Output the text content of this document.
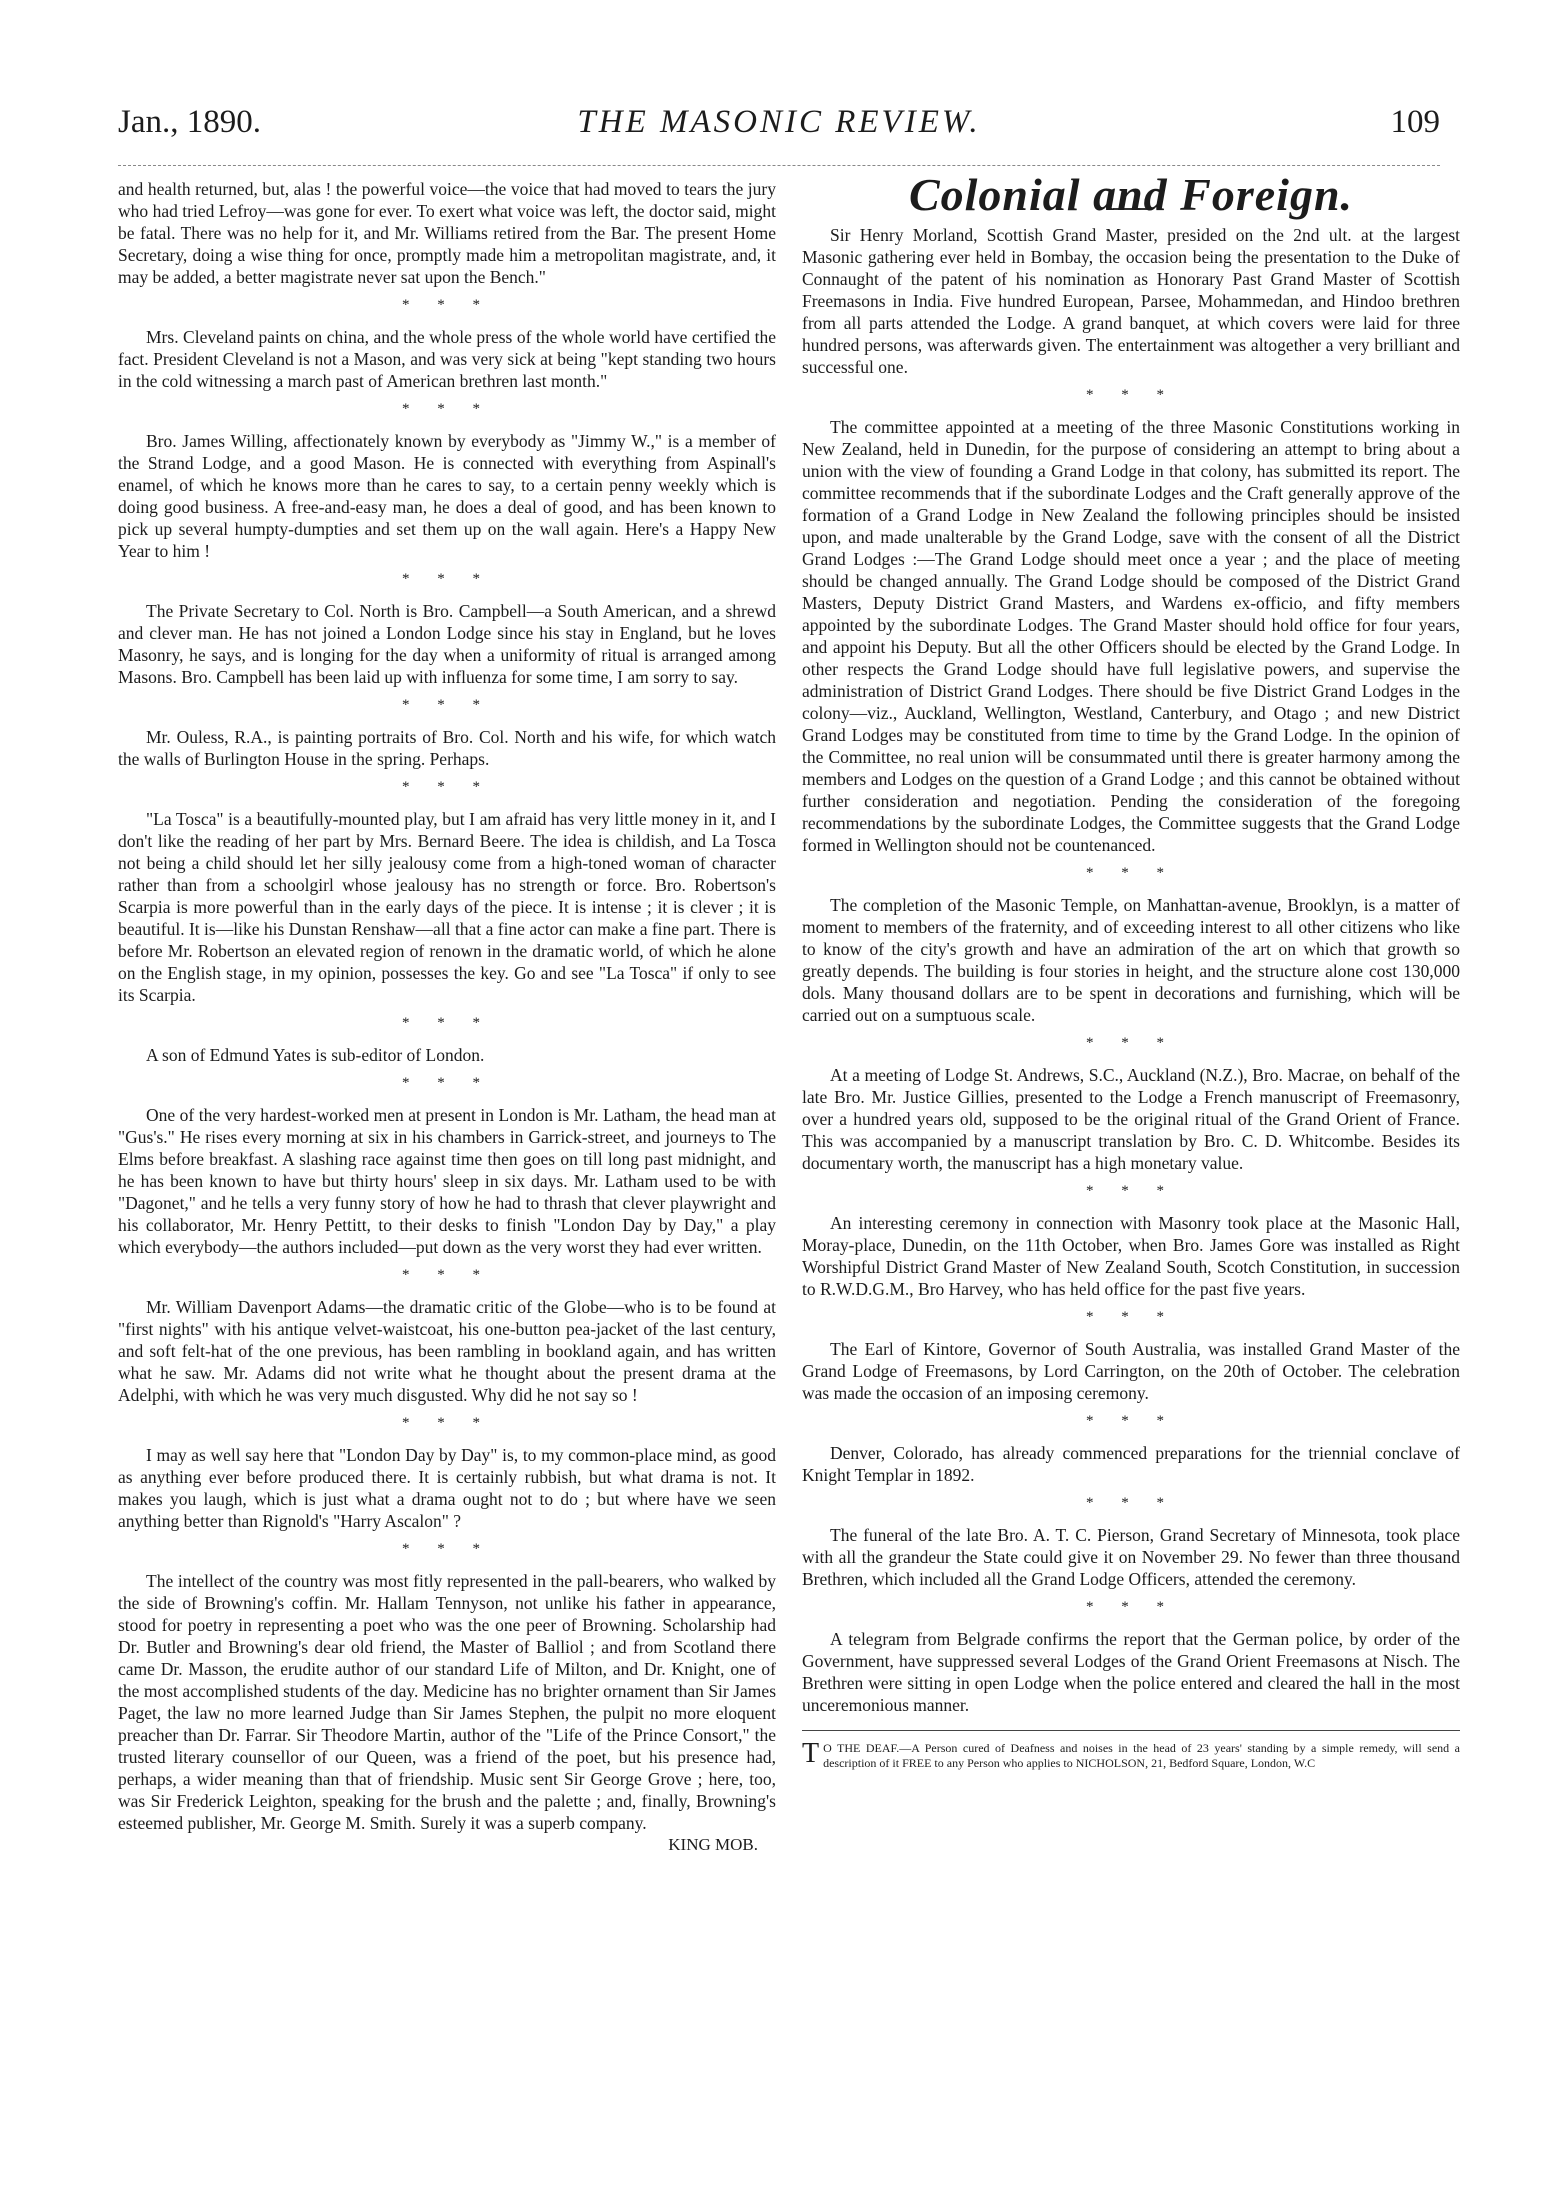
Jan., 1890.	THE MASONIC REVIEW.	109

and health returned, but, alas ! the powerful voice—the voice that had moved to tears the jury who had tried Lefroy—was gone for ever. To exert what voice was left, the doctor said, might be fatal. There was no help for it, and Mr. Williams retired from the Bar. The present Home Secretary, doing a wise thing for once, promptly made him a metropolitan magistrate, and, it may be added, a better magistrate never sat upon the Bench."

* * *

Mrs. Cleveland paints on china, and the whole press of the whole world have certified the fact. President Cleveland is not a Mason, and was very sick at being "kept standing two hours in the cold witnessing a march past of American brethren last month."

* * *

Bro. James Willing, affectionately known by everybody as "Jimmy W.," is a member of the Strand Lodge, and a good Mason. He is connected with everything from Aspinall's enamel, of which he knows more than he cares to say, to a certain penny weekly which is doing good business. A free-and-easy man, he does a deal of good, and has been known to pick up several humpty-dumpties and set them up on the wall again. Here's a Happy New Year to him !

* * *

The Private Secretary to Col. North is Bro. Campbell—a South American, and a shrewd and clever man. He has not joined a London Lodge since his stay in England, but he loves Masonry, he says, and is longing for the day when a uniformity of ritual is arranged among Masons. Bro. Campbell has been laid up with influenza for some time, I am sorry to say.

* * *

Mr. Ouless, R.A., is painting portraits of Bro. Col. North and his wife, for which watch the walls of Burlington House in the spring. Perhaps.

* * *

"La Tosca" is a beautifully-mounted play, but I am afraid has very little money in it, and I don't like the reading of her part by Mrs. Bernard Beere. The idea is childish, and La Tosca not being a child should let her silly jealousy come from a high-toned woman of character rather than from a schoolgirl whose jealousy has no strength or force. Bro. Robertson's Scarpia is more powerful than in the early days of the piece. It is intense ; it is clever ; it is beautiful. It is—like his Dunstan Renshaw—all that a fine actor can make a fine part. There is before Mr. Robertson an elevated region of renown in the dramatic world, of which he alone on the English stage, in my opinion, possesses the key. Go and see "La Tosca" if only to see its Scarpia.

* * *

A son of Edmund Yates is sub-editor of London.

* * *

One of the very hardest-worked men at present in London is Mr. Latham, the head man at "Gus's." He rises every morning at six in his chambers in Garrick-street, and journeys to The Elms before breakfast. A slashing race against time then goes on till long past midnight, and he has been known to have but thirty hours' sleep in six days. Mr. Latham used to be with "Dagonet," and he tells a very funny story of how he had to thrash that clever playwright and his collaborator, Mr. Henry Pettitt, to their desks to finish "London Day by Day," a play which everybody—the authors included—put down as the very worst they had ever written.

* * *

Mr. William Davenport Adams—the dramatic critic of the Globe—who is to be found at "first nights" with his antique velvet-waistcoat, his one-button pea-jacket of the last century, and soft felt-hat of the one previous, has been rambling in bookland again, and has written what he saw. Mr. Adams did not write what he thought about the present drama at the Adelphi, with which he was very much disgusted. Why did he not say so !

* * *

I may as well say here that "London Day by Day" is, to my common-place mind, as good as anything ever before produced there. It is certainly rubbish, but what drama is not. It makes you laugh, which is just what a drama ought not to do ; but where have we seen anything better than Rignold's "Harry Ascalon" ?

* * *

The intellect of the country was most fitly represented in the pall-bearers, who walked by the side of Browning's coffin. Mr. Hallam Tennyson, not unlike his father in appearance, stood for poetry in representing a poet who was the one peer of Browning. Scholarship had Dr. Butler and Browning's dear old friend, the Master of Balliol ; and from Scotland there came Dr. Masson, the erudite author of our standard Life of Milton, and Dr. Knight, one of the most accomplished students of the day. Medicine has no brighter ornament than Sir James Paget, the law no more learned Judge than Sir James Stephen, the pulpit no more eloquent preacher than Dr. Farrar. Sir Theodore Martin, author of the "Life of the Prince Consort," the trusted literary counsellor of our Queen, was a friend of the poet, but his presence had, perhaps, a wider meaning than that of friendship. Music sent Sir George Grove ; here, too, was Sir Frederick Leighton, speaking for the brush and the palette ; and, finally, Browning's esteemed publisher, Mr. George M. Smith. Surely it was a superb company.

KING MOB.
Colonial and Foreign.

Sir Henry Morland, Scottish Grand Master, presided on the 2nd ult. at the largest Masonic gathering ever held in Bombay, the occasion being the presentation to the Duke of Connaught of the patent of his nomination as Honorary Past Grand Master of Scottish Freemasons in India. Five hundred European, Parsee, Mohammedan, and Hindoo brethren from all parts attended the Lodge. A grand banquet, at which covers were laid for three hundred persons, was afterwards given. The entertainment was altogether a very brilliant and successful one.

* * *

The committee appointed at a meeting of the three Masonic Constitutions working in New Zealand, held in Dunedin, for the purpose of considering an attempt to bring about a union with the view of founding a Grand Lodge in that colony, has submitted its report. The committee recommends that if the subordinate Lodges and the Craft generally approve of the formation of a Grand Lodge in New Zealand the following principles should be insisted upon, and made unalterable by the Grand Lodge, save with the consent of all the District Grand Lodges :—The Grand Lodge should meet once a year ; and the place of meeting should be changed annually. The Grand Lodge should be composed of the District Grand Masters, Deputy District Grand Masters, and Wardens ex-officio, and fifty members appointed by the subordinate Lodges. The Grand Master should hold office for four years, and appoint his Deputy. But all the other Officers should be elected by the Grand Lodge. In other respects the Grand Lodge should have full legislative powers, and supervise the administration of District Grand Lodges. There should be five District Grand Lodges in the colony—viz., Auckland, Wellington, Westland, Canterbury, and Otago ; and new District Grand Lodges may be constituted from time to time by the Grand Lodge. In the opinion of the Committee, no real union will be consummated until there is greater harmony among the members and Lodges on the question of a Grand Lodge ; and this cannot be obtained without further consideration and negotiation. Pending the consideration of the foregoing recommendations by the subordinate Lodges, the Committee suggests that the Grand Lodge formed in Wellington should not be countenanced.

* * *

The completion of the Masonic Temple, on Manhattan-avenue, Brooklyn, is a matter of moment to members of the fraternity, and of exceeding interest to all other citizens who like to know of the city's growth and have an admiration of the art on which that growth so greatly depends. The building is four stories in height, and the structure alone cost 130,000 dols. Many thousand dollars are to be spent in decorations and furnishing, which will be carried out on a sumptuous scale.

* * *

At a meeting of Lodge St. Andrews, S.C., Auckland (N.Z.), Bro. Macrae, on behalf of the late Bro. Mr. Justice Gillies, presented to the Lodge a French manuscript of Freemasonry, over a hundred years old, supposed to be the original ritual of the Grand Orient of France. This was accompanied by a manuscript translation by Bro. C. D. Whitcombe. Besides its documentary worth, the manuscript has a high monetary value.

* * *

An interesting ceremony in connection with Masonry took place at the Masonic Hall, Moray-place, Dunedin, on the 11th October, when Bro. James Gore was installed as Right Worshipful District Grand Master of New Zealand South, Scotch Constitution, in succession to R.W.D.G.M., Bro Harvey, who has held office for the past five years.

* * *

The Earl of Kintore, Governor of South Australia, was installed Grand Master of the Grand Lodge of Freemasons, by Lord Carrington, on the 20th of October. The celebration was made the occasion of an imposing ceremony.

* * *

Denver, Colorado, has already commenced preparations for the triennial conclave of Knight Templar in 1892.

* * *

The funeral of the late Bro. A. T. C. Pierson, Grand Secretary of Minnesota, took place with all the grandeur the State could give it on November 29. No fewer than three thousand Brethren, which included all the Grand Lodge Officers, attended the ceremony.

* * *

A telegram from Belgrade confirms the report that the German police, by order of the Government, have suppressed several Lodges of the Grand Orient Freemasons at Nisch. The Brethren were sitting in open Lodge when the police entered and cleared the hall in the most unceremonious manner.

T O THE DEAF.—A Person cured of Deafness and noises in the head of 23 years' standing by a simple remedy, will send a description of it FREE to any Person who applies to NICHOLSON, 21, Bedford Square, London, W.C
